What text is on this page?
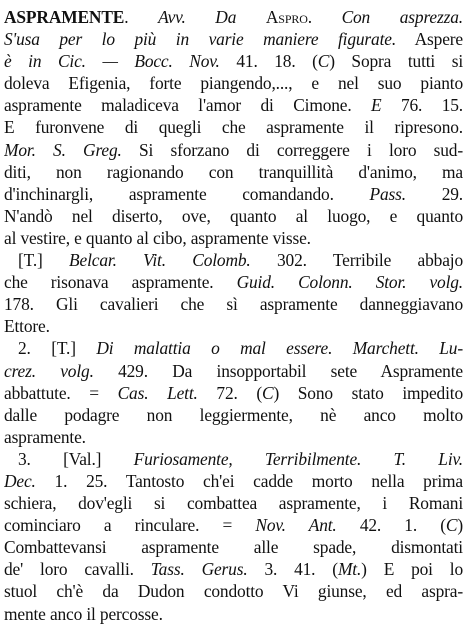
ASPRAMENTE. Avv. Da Aspro. Con asprezza.
S'usa per lo più in varie maniere figurate. Aspere
è in Cic. — Bocc. Nov. 41. 18. (C) Sopra tutti si
doleva Efigenia, forte piangendo,..., e nel suo pianto
aspramente maladiceva l'amor di Cimone. E 76. 15.
E furonvene di quegli che aspramente il ripresono.
Mor. S. Greg. Si sforzano di correggere i loro sud-
diti, non ragionando con tranquillità d'animo, ma
d'inchinargli, aspramente comandando. Pass. 29.
N'andò nel diserto, ove, quanto al luogo, e quanto
al vestire, e quanto al cibo, aspramente visse.
[T.] Belcar. Vit. Colomb. 302. Terribile abbajo
che risonava aspramente. Guid. Colonn. Stor. volg.
178. Gli cavalieri che sì aspramente danneggiavano
Ettore.
2. [T.] Di malattia o mal essere. Marchett. Lu-
crez. volg. 429. Da insopportabil sete Aspramente
abbattute. = Cas. Lett. 72. (C) Sono stato impedito
dalle podagre non leggiermente, nè anco molto
aspramente.
3. [Val.] Furiosamente, Terribilmente. T. Liv.
Dec. 1. 25. Tantosto ch'ei cadde morto nella prima
schiera, dov'egli si combattea aspramente, i Romani
cominciaro a rinculare. = Nov. Ant. 42. 1. (C)
Combattevansi aspramente alle spade, dismontati
de' loro cavalli. Tass. Gerus. 3. 41. (Mt.) E poi lo
stuol ch'è da Dudon condotto Vi giunse, ed aspra-
mente anco il percosse.
